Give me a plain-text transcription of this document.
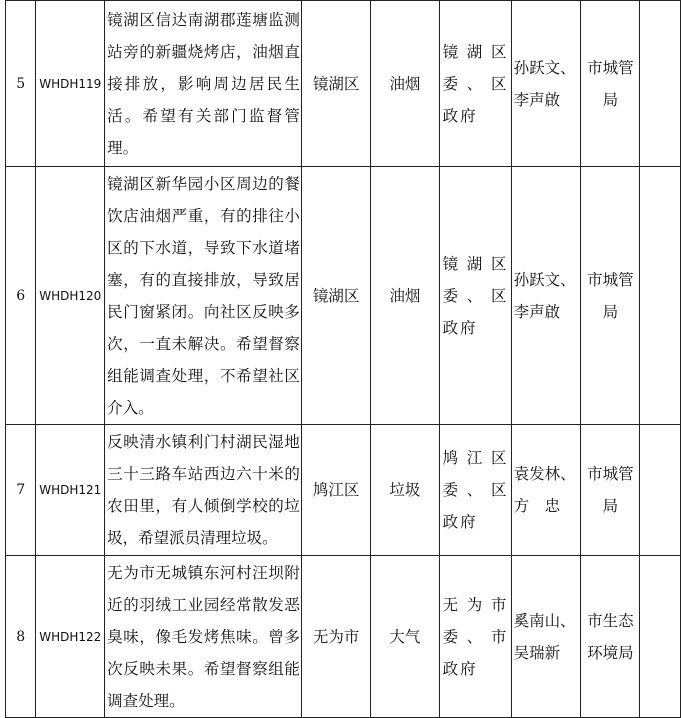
5	WHDH119	镜湖区信达南湖郡莲塘监测站旁的新疆烧烤店，油烟直接排放，影响周边居民生活。希望有关部门监督管理。	镜湖区	油烟	镜湖区委、区政府	孙跃文、李声啟	市城管局	
6	WHDH120	镜湖区新华园小区周边的餐饮店油烟严重，有的排往小区的下水道，导致下水道堵塞，有的直接排放，导致居民门窗紧闭。向社区反映多次，一直未解决。希望督察组能调查处理，不希望社区介入。	镜湖区	油烟	镜湖区委、区政府	孙跃文、李声啟	市城管局	
7	WHDH121	反映清水镇利门村湖民湿地三十三路车站西边六十米的农田里，有人倾倒学校的垃圾，希望派员清理垃圾。	鸠江区	垃圾	鸠江区委、区政府	袁发林、方　忠	市城管局	
8	WHDH122	无为市无城镇东河村汪坝附近的羽绒工业园经常散发恶臭味，像毛发烤焦味。曾多次反映未果。希望督察组能调查处理。	无为市	大气	无为市委、市政府	奚南山、吴瑞新	市生态环境局	
